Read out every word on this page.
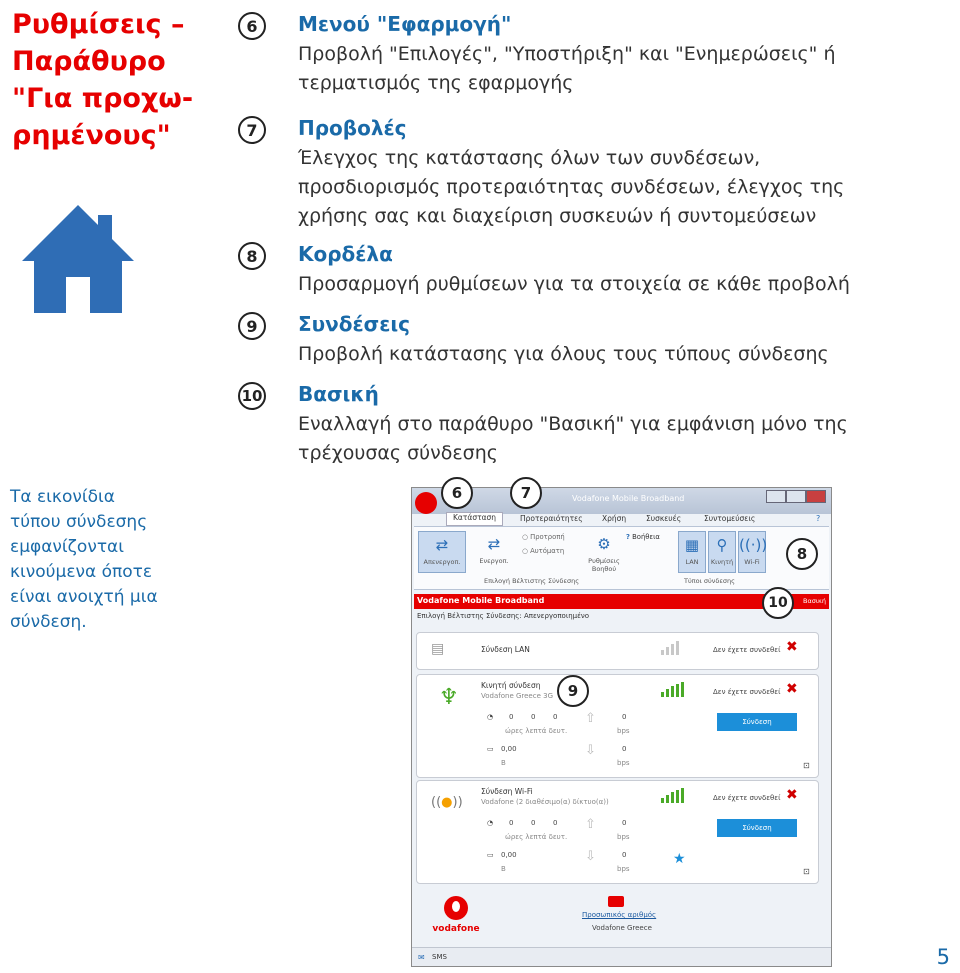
Ρυθμίσεις –
Παράθυρο
"Για προχω-
ρημένους"
Τα εικονίδια
τύπου σύνδεσης
εμφανίζονται
κινούμενα όποτε
είναι ανοιχτή μια
σύνδεση.
6	Μενού "Εφαρμογή"
Προβολή "Επιλογές", "Υποστήριξη" και "Ενημερώσεις" ή
τερματισμός της εφαρμογής
7	Προβολές
Έλεγχος της κατάστασης όλων των συνδέσεων,
προσδιορισμός προτεραιότητας συνδέσεων, έλεγχος της
χρήσης σας και διαχείριση συσκευών ή συντομεύσεων
8	Κορδέλα
Προσαρμογή ρυθμίσεων για τα στοιχεία σε κάθε προβολή
9	Συνδέσεις
Προβολή κατάστασης για όλους τους τύπους σύνδεσης
10 Βασική
Εναλλαγή στο παράθυρο "Βασική" για εμφάνιση μόνο της
τρέχουσας σύνδεσης
Vodafone Mobile Broadband
Κατάσταση	Προτεραιότητες	Χρήση	Συσκευές	Συντομεύσεις	?
⇄
Απενεργοπ.
⇄
Ενεργοπ.
○ Προτροπή
○ Αυτόματη	⚙
Ρυθμίσεις Βοηθού
? Βοήθεια
Επιλογή Βέλτιστης Σύνδεσης
▦
LAN
⚲
Κινητή
((·))
Wi-Fi
Τύποι σύνδεσης
Vodafone Mobile Broadband	Βασική
Επιλογή Βέλτιστης Σύνδεσης: Απενεργοποιημένο
▤	Σύνδεση LAN	Δεν έχετε συνδεθεί ✖
♆	Κινητή σύνδεση
Vodafone Greece 3G	Δεν έχετε συνδεθεί ✖
Σύνδεση
◔ 0	0	0
ώρες λεπτά δευτ.
⇧	0
bps
▭ 0,00
B
⇩	0
bps	⊡
((●))
Σύνδεση Wi-Fi
Vodafone (2 διαθέσιμο(α) δίκτυο(α))	Δεν έχετε συνδεθεί ✖
Σύνδεση
◔ 0	0	0
ώρες λεπτά δευτ.
⇧	0
bps
▭ 0,00
B
⇩	0
bps
★
⊡
vodafone
Προσωπικός αριθμός
Vodafone Greece
✉ SMS
6	7
8
9
10
5
